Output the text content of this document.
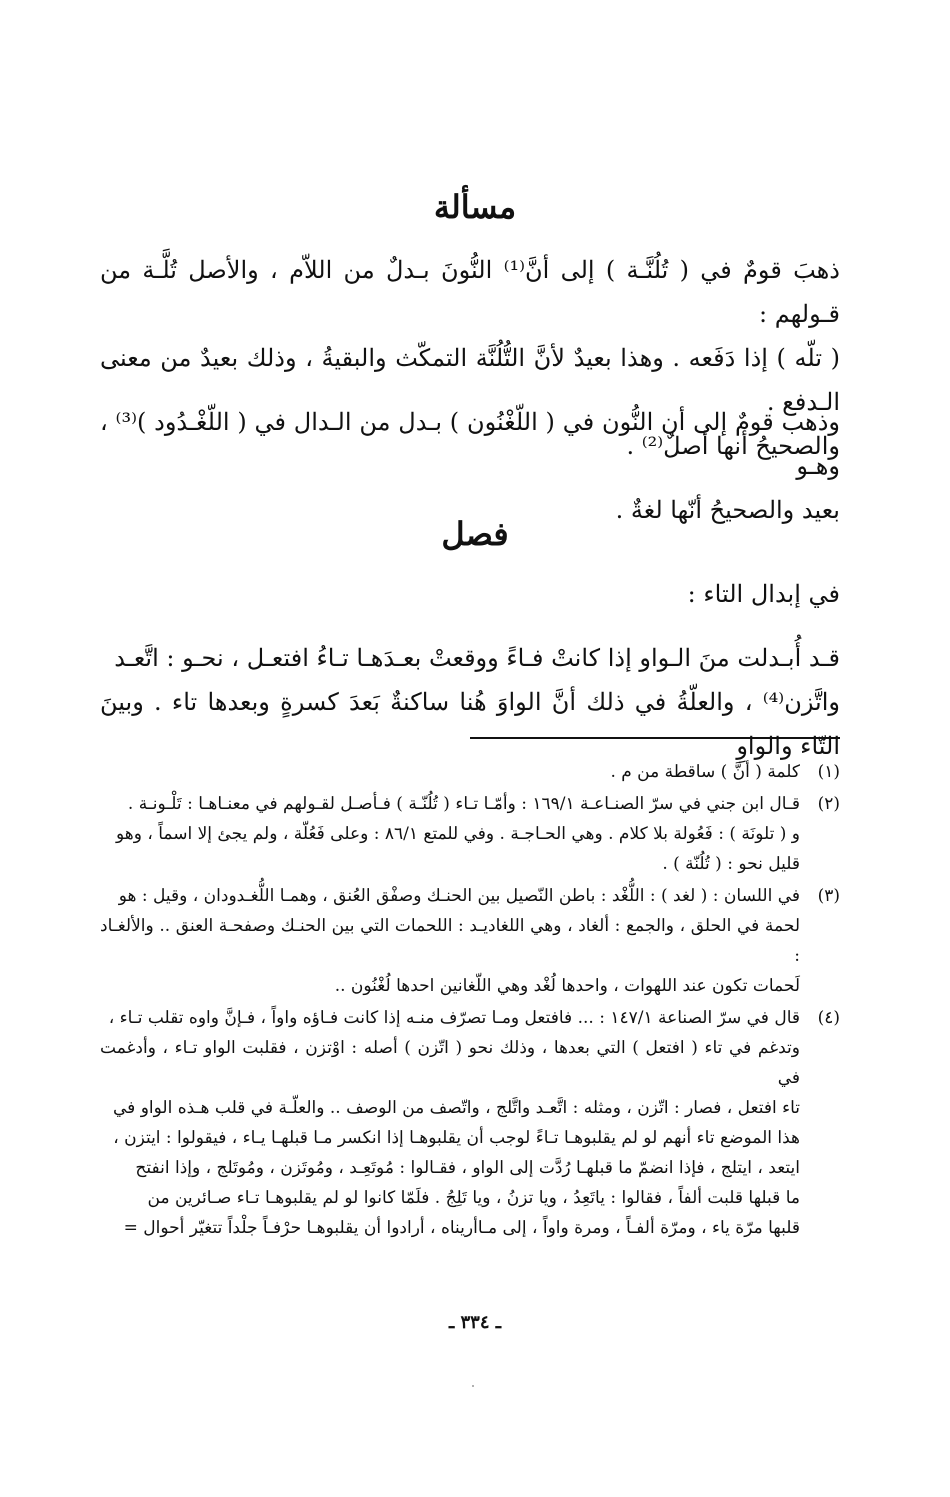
مسألة

ذهبَ قومٌ في ( تُلُنَّـة ) إلى أنَّ⁽¹⁾ النُّونَ بـدلٌ من اللاّم ، والأصل تُلَّـة من قـولهم :
( تلّه ) إذا دَفَعه . وهذا بعيدٌ لأنَّ التُّلُنَّة التمكّث والبقيةُ ، وذلك بعيدٌ من معنى الـدفع .
والصحيحُ أنها أصلٌ⁽²⁾ .

وذهب قومٌ إلى أن النُّون في ( اللّغْنُون ) بـدل من الـدال في ( اللّغْـدُود )⁽³⁾ ، وهـو
بعيد والصحيحُ أنّها لغةٌ .

فصل

في إبدال التاء :

قـد أُبـدلت منَ الـواو إذا كانتْ فـاءً ووقعتْ بعـدَهـا تـاءُ افتعـل ، نحـو : اتَّعـد
واتَّزن⁽⁴⁾ ، والعلّةُ في ذلك أنَّ الواوَ هُنا ساكنةٌ بَعدَ كسرةٍ وبعدها تاء . وبينَ التّاء والواوِ

(١)
كلمة ( أنَّ ) ساقطة من م .
(٢)
قـال ابن جني في سرّ الصنـاعـة ١٦٩/١ : وأمّـا تـاء ( تُلُنّـة ) فـأصـل لقـولهم في معنـاهـا : تَلْـونـة .
و ( تلونَة ) : فَعُولة بلا كلام . وهي الحـاجـة . وفي للمتع ٨٦/١ : وعلى فَعُلّة ، ولم يجئ إلا اسماً ، وهو
قليل نحو : ( تُلُنّة ) .
(٣)
في اللسان : ( لغد ) : اللُّغْد : باطن النّصيل بين الحنـك وصفْق العُنق ، وهمـا اللُّغـدودان ، وقيل : هو
لحمة في الحلق ، والجمع : ألغاد ، وهي اللغاديـد : اللحمات التي بين الحنـك وصفحـة العنق .. والألغـاد :
لَحمات تكون عند اللهوات ، واحدها لُغْد وهي اللّغانين احدها لُغْنُون ..
(٤)
قال في سرّ الصناعة ١٤٧/١ : ... فافتعل ومـا تصرّف منـه إذا كانت فـاؤه واواً ، فـإنَّ واوه تقلب تـاء ،
وتدغم في تاء ( افتعل ) التي بعدها ، وذلك نحو ( اتّزن ) أصله : اوْتزن ، فقلبت الواو تـاء ، وأدغمت في
تاء افتعل ، فصار : اتّزن ، ومثله : اتَّعـد واتَّلج ، واتّصف من الوصف .. والعلّـة في قلب هـذه الواو في
هذا الموضع تاء أنهم لو لم يقلبوهـا تـاءً لوجب أن يقلبوهـا إذا انكسر مـا قبلهـا يـاء ، فيقولوا : ايتزن ،
ايتعد ، ايتلج ، فإذا انضمّ ما قبلهـا رُدَّت إلى الواو ، فقـالوا : مُوتَعِـد ، ومُوتَزن ، ومُوتَلج ، وإذا انفتح
ما قبلها قلبت ألفاً ، فقالوا : ياتَعِدُ ، ويا تزنُ ، ويا تَلِجُ . فلَمّا كانوا لو لم يقلبوهـا تـاء صـائرين من
قلبها مرّة ياء ، ومرّة ألفـاً ، ومرة واواً ، إلى مـاأريناه ، أرادوا أن يقلبوهـا حرْفـاً جلْداً تتغيّر أحوال =
ـ ٣٣٤ ـ
